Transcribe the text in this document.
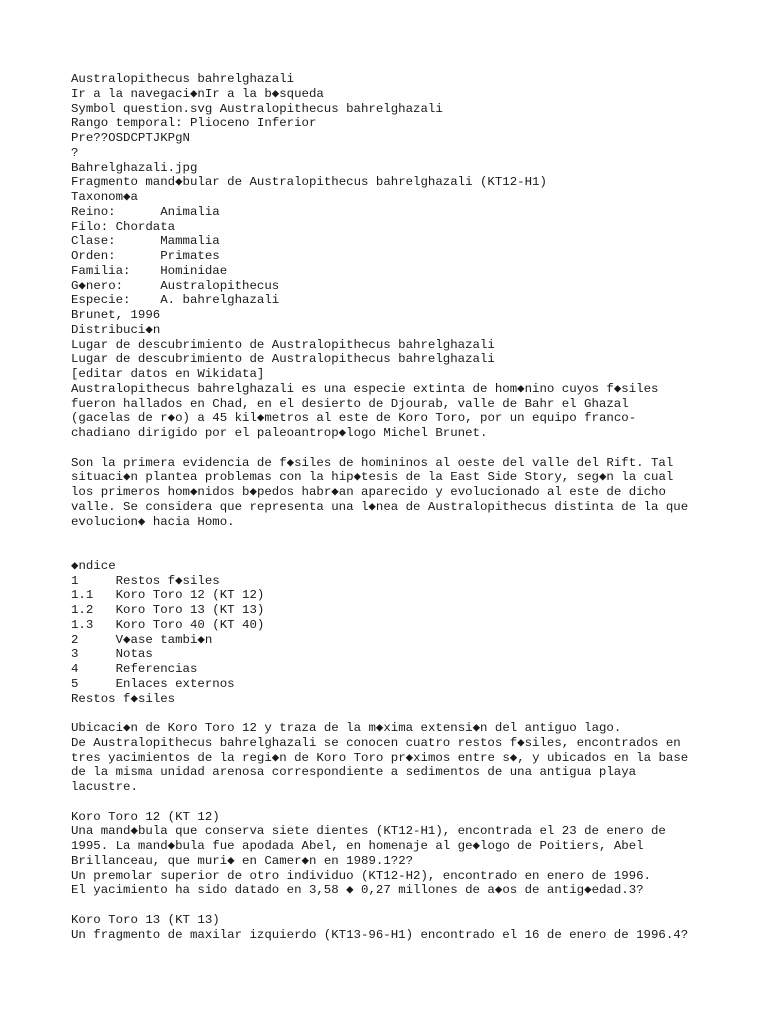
Australopithecus bahrelghazali
Ir a la navegaci◆nIr a la b◆squeda
Symbol question.svg Australopithecus bahrelghazali
Rango temporal: Plioceno Inferior
Pre??OSDCPTJKPgN
?
Bahrelghazali.jpg
Fragmento mand◆bular de Australopithecus bahrelghazali (KT12-H1)
Taxonom◆a
Reino:      Animalia
Filo: Chordata
Clase:      Mammalia
Orden:      Primates
Familia:    Hominidae
G◆nero:     Australopithecus
Especie:    A. bahrelghazali
Brunet, 1996
Distribuci◆n
Lugar de descubrimiento de Australopithecus bahrelghazali
Lugar de descubrimiento de Australopithecus bahrelghazali
[editar datos en Wikidata]
Australopithecus bahrelghazali es una especie extinta de hom◆nino cuyos f◆siles
fueron hallados en Chad, en el desierto de Djourab, valle de Bahr el Ghazal
(gacelas de r◆o) a 45 kil◆metros al este de Koro Toro, por un equipo franco-
chadiano dirigido por el paleoantrop◆logo Michel Brunet.
Son la primera evidencia de f◆siles de homininos al oeste del valle del Rift. Tal
situaci◆n plantea problemas con la hip◆tesis de la East Side Story, seg◆n la cual
los primeros hom◆nidos b◆pedos habr◆an aparecido y evolucionado al este de dicho
valle. Se considera que representa una l◆nea de Australopithecus distinta de la que
evolucion◆ hacia Homo.
◆ndice
1     Restos f◆siles
1.1   Koro Toro 12 (KT 12)
1.2   Koro Toro 13 (KT 13)
1.3   Koro Toro 40 (KT 40)
2     V◆ase tambi◆n
3     Notas
4     Referencias
5     Enlaces externos
Restos f◆siles
Ubicaci◆n de Koro Toro 12 y traza de la m◆xima extensi◆n del antiguo lago.
De Australopithecus bahrelghazali se conocen cuatro restos f◆siles, encontrados en
tres yacimientos de la regi◆n de Koro Toro pr◆ximos entre s◆, y ubicados en la base
de la misma unidad arenosa correspondiente a sedimentos de una antigua playa
lacustre.
Koro Toro 12 (KT 12)
Una mand◆bula que conserva siete dientes (KT12-H1), encontrada el 23 de enero de
1995. La mand◆bula fue apodada Abel, en homenaje al ge◆logo de Poitiers, Abel
Brillanceau, que muri◆ en Camer◆n en 1989.1?2?
Un premolar superior de otro individuo (KT12-H2), encontrado en enero de 1996.
El yacimiento ha sido datado en 3,58 ◆ 0,27 millones de a◆os de antig◆edad.3?
Koro Toro 13 (KT 13)
Un fragmento de maxilar izquierdo (KT13-96-H1) encontrado el 16 de enero de 1996.4?
